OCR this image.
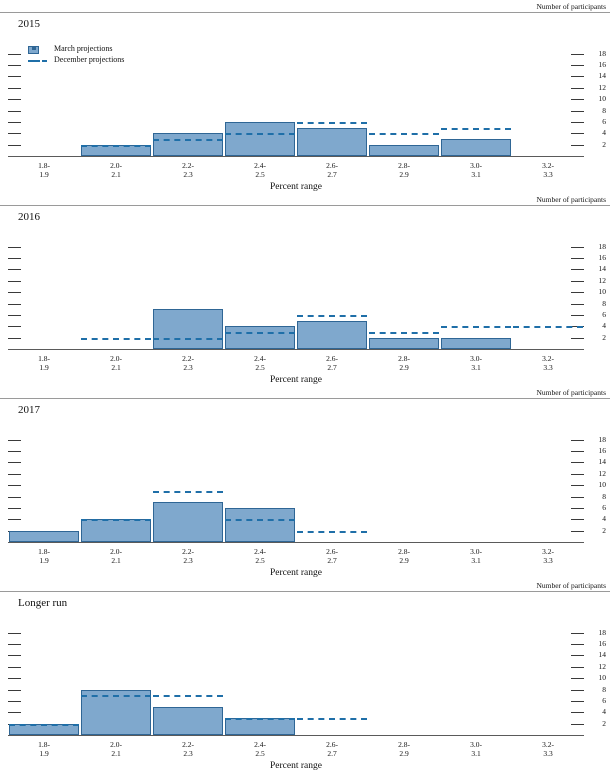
Number of participants
2015
18
16
14
12
10
8
6
4
2
1.8-
1.9
2.0-
2.1
2.2-
2.3
2.4-
2.5
2.6-
2.7
2.8-
2.9
3.0-
3.1
3.2-
3.3
Percent range
March projections
December projections
Number of participants
2016
18
16
14
12
10
8
6
4
2
1.8-
1.9
2.0-
2.1
2.2-
2.3
2.4-
2.5
2.6-
2.7
2.8-
2.9
3.0-
3.1
3.2-
3.3
Percent range
Number of participants
2017
18
16
14
12
10
8
6
4
2
1.8-
1.9
2.0-
2.1
2.2-
2.3
2.4-
2.5
2.6-
2.7
2.8-
2.9
3.0-
3.1
3.2-
3.3
Percent range
Number of participants
Longer run
18
16
14
12
10
8
6
4
2
1.8-
1.9
2.0-
2.1
2.2-
2.3
2.4-
2.5
2.6-
2.7
2.8-
2.9
3.0-
3.1
3.2-
3.3
Percent range
